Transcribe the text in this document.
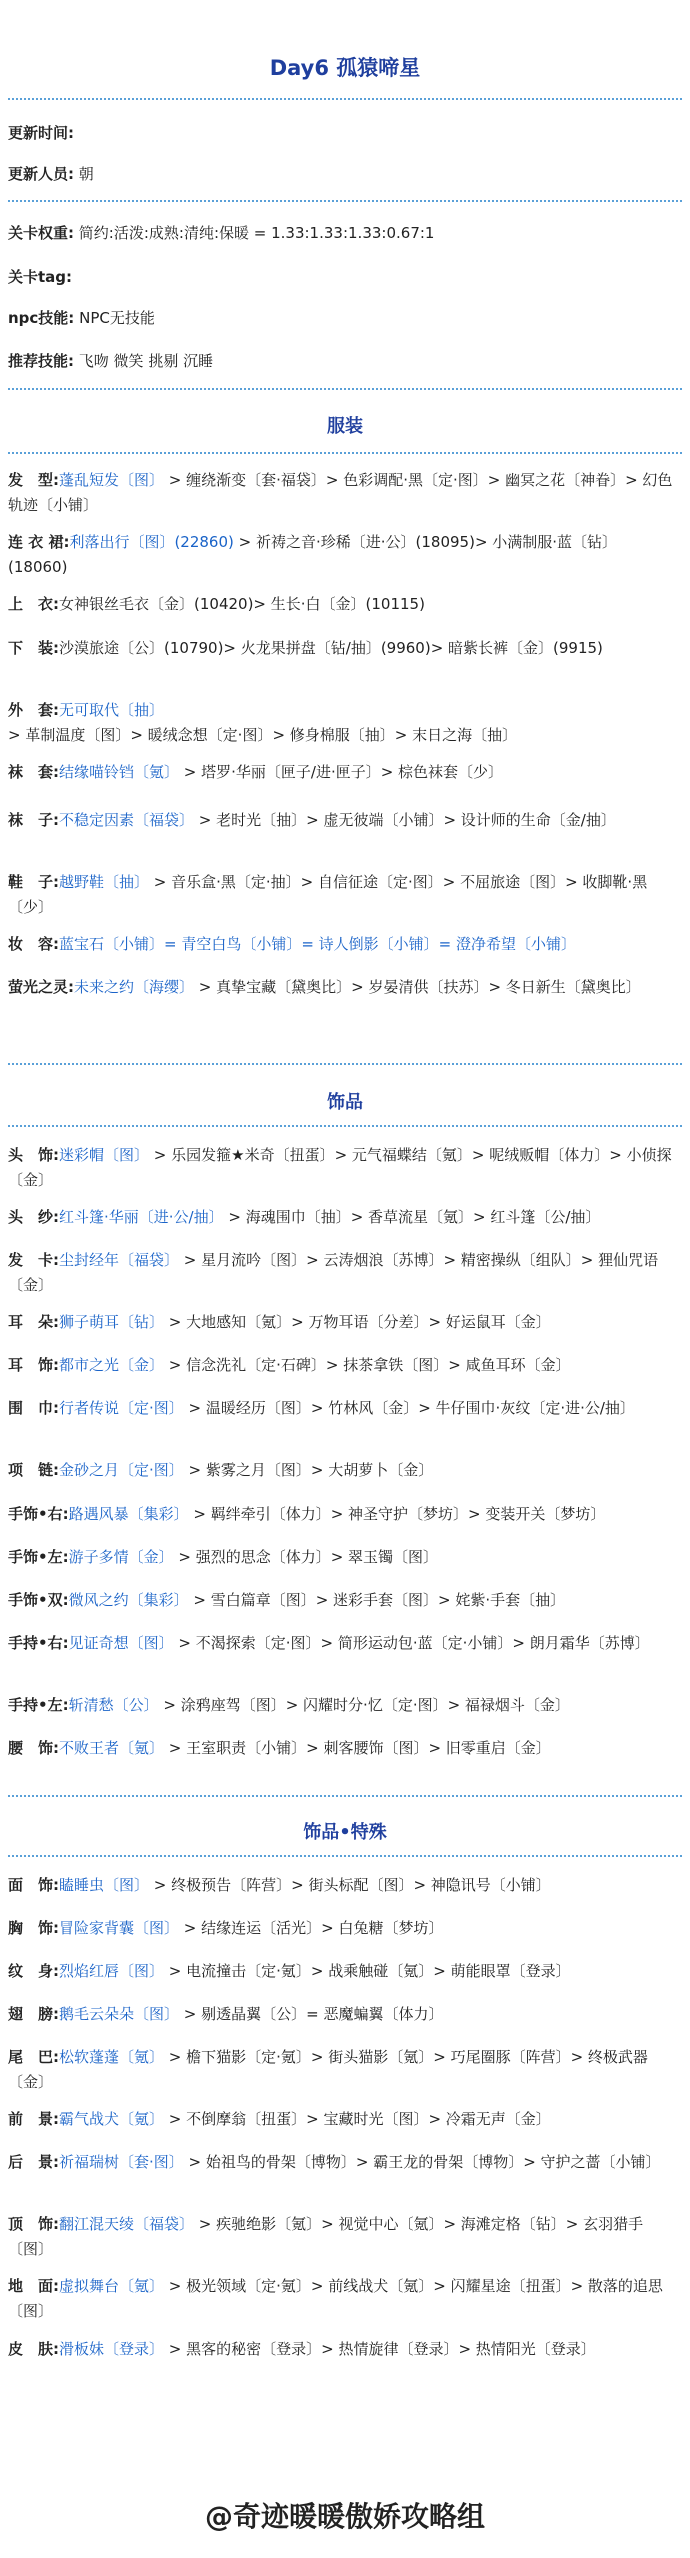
Day6 孤猿啼星
更新时间:
更新人员: 朝
关卡权重: 简约:活泼:成熟:清纯:保暖 = 1.33:1.33:1.33:0.67:1
关卡tag:
npc技能: NPC无技能
推荐技能: 飞吻 微笑 挑剔 沉睡
服装
发　型:蓬乱短发〔图〕 > 缠绕渐变〔套·福袋〕> 色彩调配·黑〔定·图〕> 幽冥之花〔神眷〕> 幻色轨迹〔小铺〕
连 衣 裙:利落出行〔图〕(22860) > 祈祷之音·珍稀〔进·公〕(18095)> 小满制服·蓝〔钻〕(18060)
上　衣:女神银丝毛衣〔金〕(10420)> 生长·白〔金〕(10115)
下　装:沙漠旅途〔公〕(10790)> 火龙果拼盘〔钻/抽〕(9960)> 暗紫长裤〔金〕(9915)
外　套:无可取代〔抽〕 > 革制温度〔图〕> 暖绒念想〔定·图〕> 修身棉服〔抽〕> 末日之海〔抽〕
袜　套:结缘喵铃铛〔氪〕 > 塔罗·华丽〔匣子/进·匣子〕> 棕色袜套〔少〕
袜　子:不稳定因素〔福袋〕 > 老时光〔抽〕> 虚无彼端〔小铺〕> 设计师的生命〔金/抽〕
鞋　子:越野鞋〔抽〕 > 音乐盒·黑〔定·抽〕> 自信征途〔定·图〕> 不屈旅途〔图〕> 收脚靴·黑〔少〕
妆　容:蓝宝石〔小铺〕= 青空白鸟〔小铺〕= 诗人倒影〔小铺〕= 澄净希望〔小铺〕
萤光之灵:未来之约〔海缨〕 > 真挚宝藏〔黛奥比〕> 岁晏清供〔扶苏〕> 冬日新生〔黛奥比〕
饰品
头　饰:迷彩帽〔图〕 > 乐园发箍★米奇〔扭蛋〕> 元气福蝶结〔氪〕> 呢绒贩帽〔体力〕> 小侦探〔金〕
头　纱:红斗篷·华丽〔进·公/抽〕 > 海魂围巾〔抽〕> 香草流星〔氪〕> 红斗篷〔公/抽〕
发　卡:尘封经年〔福袋〕 > 星月流吟〔图〕> 云涛烟浪〔苏博〕> 精密操纵〔组队〕> 狸仙咒语〔金〕
耳　朵:狮子萌耳〔钻〕 > 大地感知〔氪〕> 万物耳语〔分差〕> 好运鼠耳〔金〕
耳　饰:都市之光〔金〕 > 信念洗礼〔定·石碑〕> 抹茶拿铁〔图〕> 咸鱼耳环〔金〕
围　巾:行者传说〔定·图〕 > 温暖经历〔图〕> 竹林风〔金〕> 牛仔围巾·灰纹〔定·进·公/抽〕
项　链:金砂之月〔定·图〕 > 紫雾之月〔图〕> 大胡萝卜〔金〕
手饰•右:路遇风暴〔集彩〕 > 羁绊牵引〔体力〕> 神圣守护〔梦坊〕> 变装开关〔梦坊〕
手饰•左:游子多情〔金〕 > 强烈的思念〔体力〕> 翠玉镯〔图〕
手饰•双:微风之约〔集彩〕 > 雪白篇章〔图〕> 迷彩手套〔图〕> 姹紫·手套〔抽〕
手持•右:见证奇想〔图〕 > 不渴探索〔定·图〕> 简形运动包·蓝〔定·小铺〕> 朗月霜华〔苏博〕
手持•左:斩清愁〔公〕 > 涂鸦座驾〔图〕> 闪耀时分·忆〔定·图〕> 福禄烟斗〔金〕
腰　饰:不败王者〔氪〕 > 王室职责〔小铺〕> 刺客腰饰〔图〕> 旧零重启〔金〕
饰品•特殊
面　饰:瞌睡虫〔图〕 > 终极预告〔阵营〕> 街头标配〔图〕> 神隐讯号〔小铺〕
胸　饰:冒险家背囊〔图〕 > 结缘连运〔活光〕> 白兔糖〔梦坊〕
纹　身:烈焰红唇〔图〕 > 电流撞击〔定·氪〕> 战乘触碰〔氪〕> 萌能眼罩〔登录〕
翅　膀:鹅毛云朵朵〔图〕 > 剔透晶翼〔公〕= 恶魔蝙翼〔体力〕
尾　巴:松软蓬蓬〔氪〕 > 檐下猫影〔定·氪〕> 街头猫影〔氪〕> 巧尾圈豚〔阵营〕> 终极武器〔金〕
前　景:霸气战犬〔氪〕 > 不倒摩翁〔扭蛋〕> 宝藏时光〔图〕> 冷霜无声〔金〕
后　景:祈福瑞树〔套·图〕 > 始祖鸟的骨架〔博物〕> 霸王龙的骨架〔博物〕> 守护之蔷〔小铺〕
顶　饰:翻江混天绫〔福袋〕 > 疾驰绝影〔氪〕> 视觉中心〔氪〕> 海滩定格〔钻〕> 玄羽猎手〔图〕
地　面:虚拟舞台〔氪〕 > 极光领域〔定·氪〕> 前线战犬〔氪〕> 闪耀星途〔扭蛋〕> 散落的追思〔图〕
皮　肤:滑板妹〔登录〕 > 黑客的秘密〔登录〕> 热情旋律〔登录〕> 热情阳光〔登录〕
@奇迹暖暖傲娇攻略组
